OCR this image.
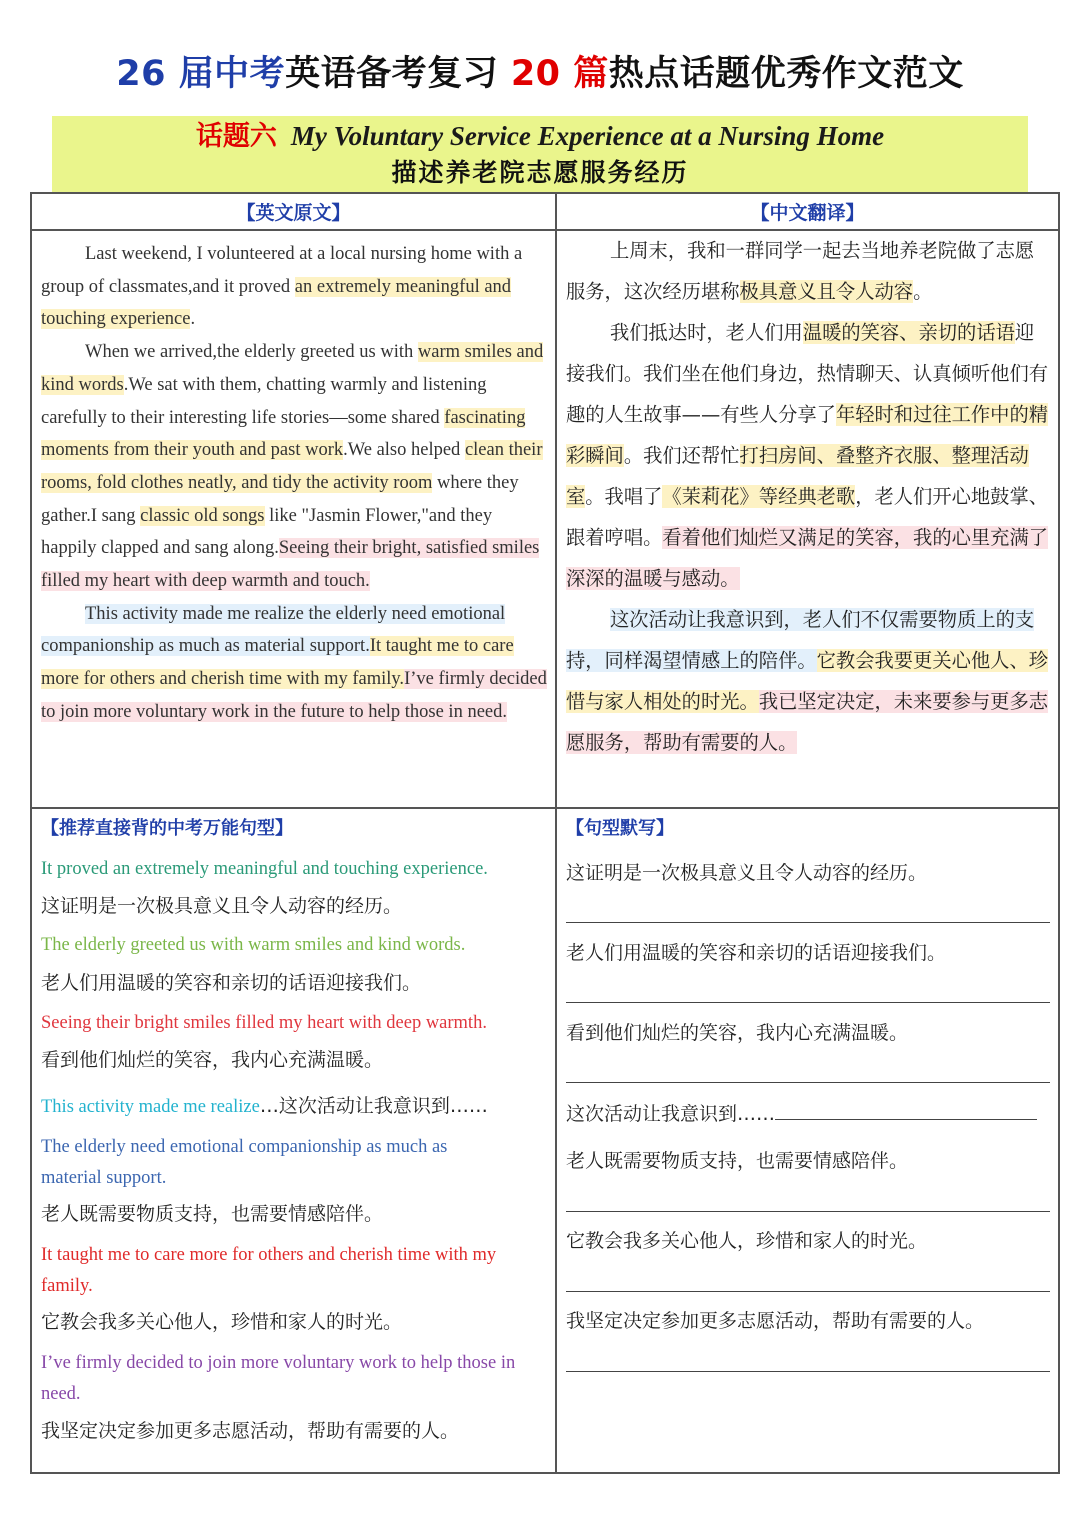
26 届中考英语备考复习 20 篇热点话题优秀作文范文
话题六 My Voluntary Service Experience at a Nursing Home
描述养老院志愿服务经历
【英文原文】	【中文翻译】

Last weekend, I volunteered at a local nursing home with a group of classmates,and it proved an extremely meaningful and touching experience.

When we arrived,the elderly greeted us with warm smiles and kind words.We sat with them, chatting warmly and listening carefully to their interesting life stories—some shared fascinating moments from their youth and past work.We also helped clean their rooms, fold clothes neatly, and tidy the activity room where they gather.I sang classic old songs like "Jasmin Flower,"and they happily clapped and sang along.Seeing their bright, satisfied smiles filled my heart with deep warmth and touch.

This activity made me realize the elderly need emotional companionship as much as material support.It taught me to care more for others and cherish time with my family.I’ve firmly decided to join more voluntary work in the future to help those in need.

上周末，我和一群同学一起去当地养老院做了志愿服务，这次经历堪称极具意义且令人动容。

我们抵达时，老人们用温暖的笑容、亲切的话语迎接我们。我们坐在他们身边，热情聊天、认真倾听他们有趣的人生故事——有些人分享了年轻时和过往工作中的精彩瞬间。我们还帮忙打扫房间、叠整齐衣服、整理活动室。我唱了《茉莉花》等经典老歌，老人们开心地鼓掌、跟着哼唱。看着他们灿烂又满足的笑容，我的心里充满了深深的温暖与感动。

这次活动让我意识到，老人们不仅需要物质上的支持，同样渴望情感上的陪伴。它教会我要更关心他人、珍惜与家人相处的时光。我已坚定决定，未来要参与更多志愿服务，帮助有需要的人。

【推荐直接背的中考万能句型】	【句型默写】
It proved an extremely meaningful and touching experience.
这证明是一次极具意义且令人动容的经历。
The elderly greeted us with warm smiles and kind words.
老人们用温暖的笑容和亲切的话语迎接我们。
Seeing their bright smiles filled my heart with deep warmth.
看到他们灿烂的笑容，我内心充满温暖。
This activity made me realize…这次活动让我意识到……
The elderly need emotional companionship as much as material support.
老人既需要物质支持，也需要情感陪伴。
It taught me to care more for others and cherish time with my family.
它教会我多关心他人，珍惜和家人的时光。
I’ve firmly decided to join more voluntary work to help those in need.
我坚定决定参加更多志愿活动，帮助有需要的人。
这证明是一次极具意义且令人动容的经历。
老人们用温暖的笑容和亲切的话语迎接我们。
看到他们灿烂的笑容，我内心充满温暖。
这次活动让我意识到……
老人既需要物质支持，也需要情感陪伴。
它教会我多关心他人，珍惜和家人的时光。
我坚定决定参加更多志愿活动，帮助有需要的人。
